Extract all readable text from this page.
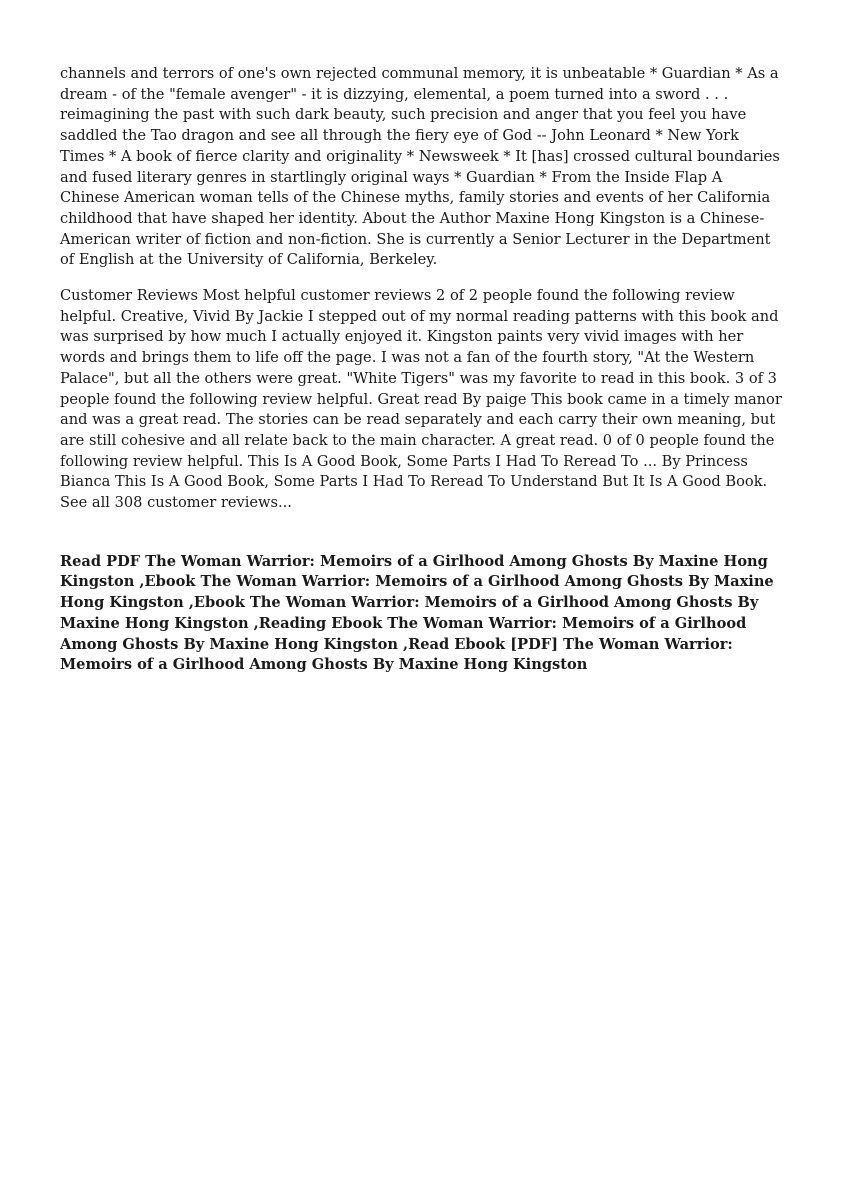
channels and terrors of one's own rejected communal memory, it is unbeatable * Guardian * As a dream - of the "female avenger" - it is dizzying, elemental, a poem turned into a sword . . . reimagining the past with such dark beauty, such precision and anger that you feel you have saddled the Tao dragon and see all through the fiery eye of God -- John Leonard * New York Times * A book of fierce clarity and originality * Newsweek * It [has] crossed cultural boundaries and fused literary genres in startlingly original ways * Guardian * From the Inside Flap A Chinese American woman tells of the Chinese myths, family stories and events of her California childhood that have shaped her identity. About the Author Maxine Hong Kingston is a Chinese-American writer of fiction and non-fiction. She is currently a Senior Lecturer in the Department of English at the University of California, Berkeley.

Customer Reviews Most helpful customer reviews 2 of 2 people found the following review helpful. Creative, Vivid By Jackie I stepped out of my normal reading patterns with this book and was surprised by how much I actually enjoyed it. Kingston paints very vivid images with her words and brings them to life off the page. I was not a fan of the fourth story, "At the Western Palace", but all the others were great. "White Tigers" was my favorite to read in this book. 3 of 3 people found the following review helpful. Great read By paige This book came in a timely manor and was a great read. The stories can be read separately and each carry their own meaning, but are still cohesive and all relate back to the main character. A great read. 0 of 0 people found the following review helpful. This Is A Good Book, Some Parts I Had To Reread To ... By Princess Bianca This Is A Good Book, Some Parts I Had To Reread To Understand But It Is A Good Book. See all 308 customer reviews...

Read PDF The Woman Warrior: Memoirs of a Girlhood Among Ghosts By Maxine Hong Kingston ,Ebook The Woman Warrior: Memoirs of a Girlhood Among Ghosts By Maxine Hong Kingston ,Ebook The Woman Warrior: Memoirs of a Girlhood Among Ghosts By Maxine Hong Kingston ,Reading Ebook The Woman Warrior: Memoirs of a Girlhood Among Ghosts By Maxine Hong Kingston ,Read Ebook [PDF] The Woman Warrior: Memoirs of a Girlhood Among Ghosts By Maxine Hong Kingston
